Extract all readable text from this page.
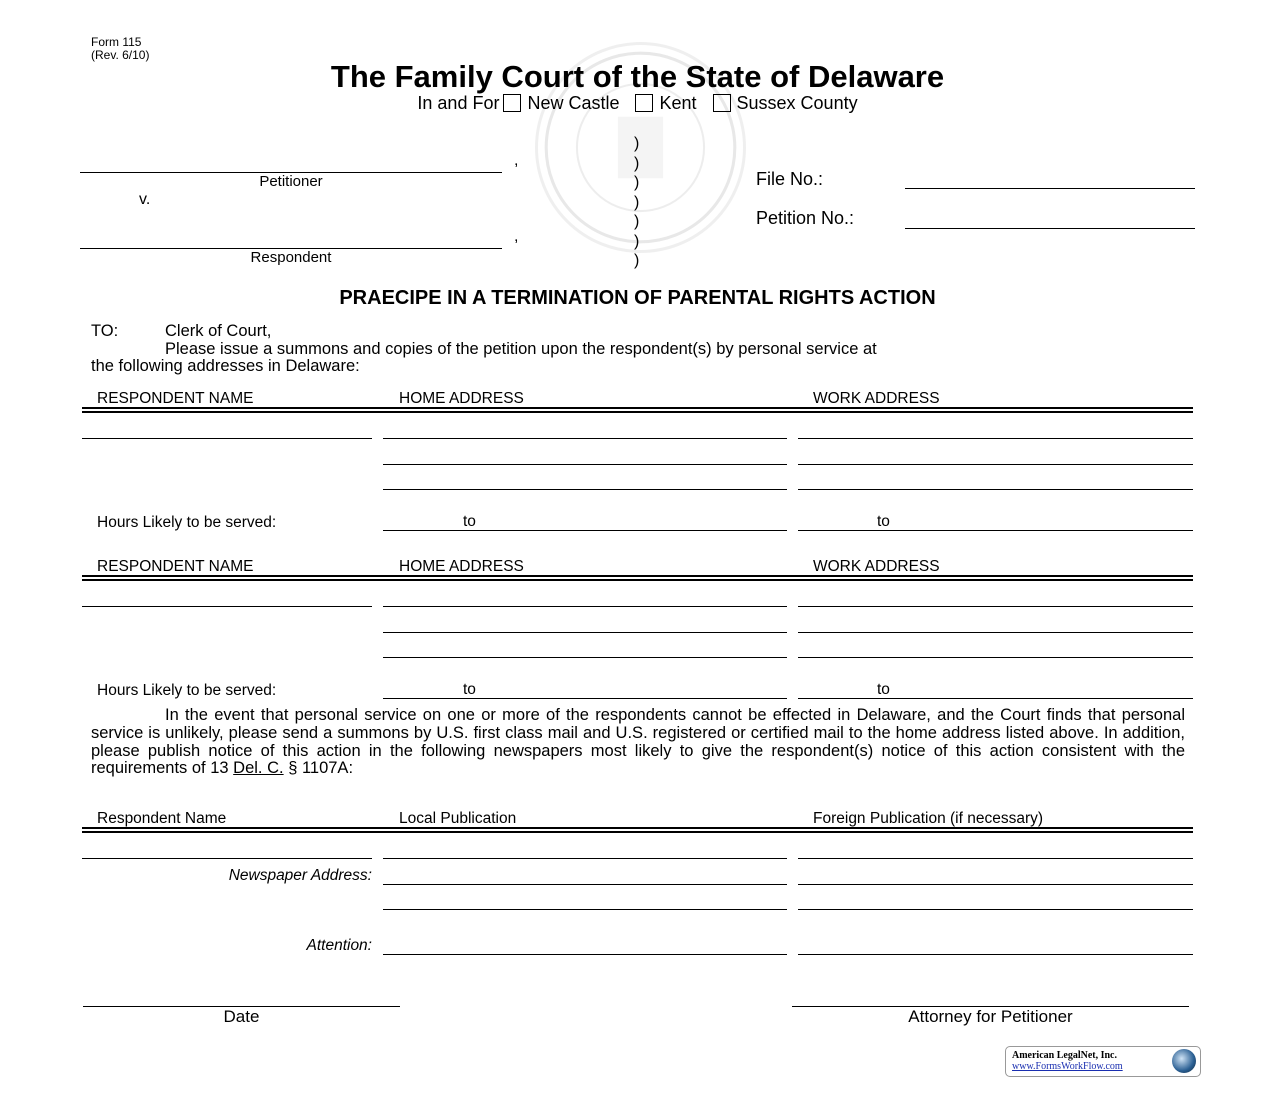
Form 115
(Rev. 6/10)
The Family Court of the State of Delaware
In and For New Castle Kent Sussex County
,
Petitioner
v.
,
Respondent
)
)
)
)
)
)
)
File No.:
Petition No.:
PRAECIPE IN A TERMINATION OF PARENTAL RIGHTS ACTION
TO:	Clerk of Court,
Please issue a summons and copies of the petition upon the respondent(s) by personal service at
the following addresses in Delaware:
RESPONDENT NAME	HOME ADDRESS	WORK ADDRESS
Hours Likely to be served:	to	to
RESPONDENT NAME	HOME ADDRESS	WORK ADDRESS
Hours Likely to be served:	to	to
In the event that personal service on one or more of the respondents cannot be effected in Delaware, and the Court finds that personal service is unlikely, please send a summons by U.S. first class mail and U.S. registered or certified mail to the home address listed above. In addition, please publish notice of this action in the following newspapers most likely to give the respondent(s) notice of this action consistent with the requirements of 13 Del. C. § 1107A:
Respondent Name	Local Publication	Foreign Publication (if necessary)
Newspaper Address:
Attention:
Date	Attorney for Petitioner
American LegalNet, Inc.
www.FormsWorkFlow.com
